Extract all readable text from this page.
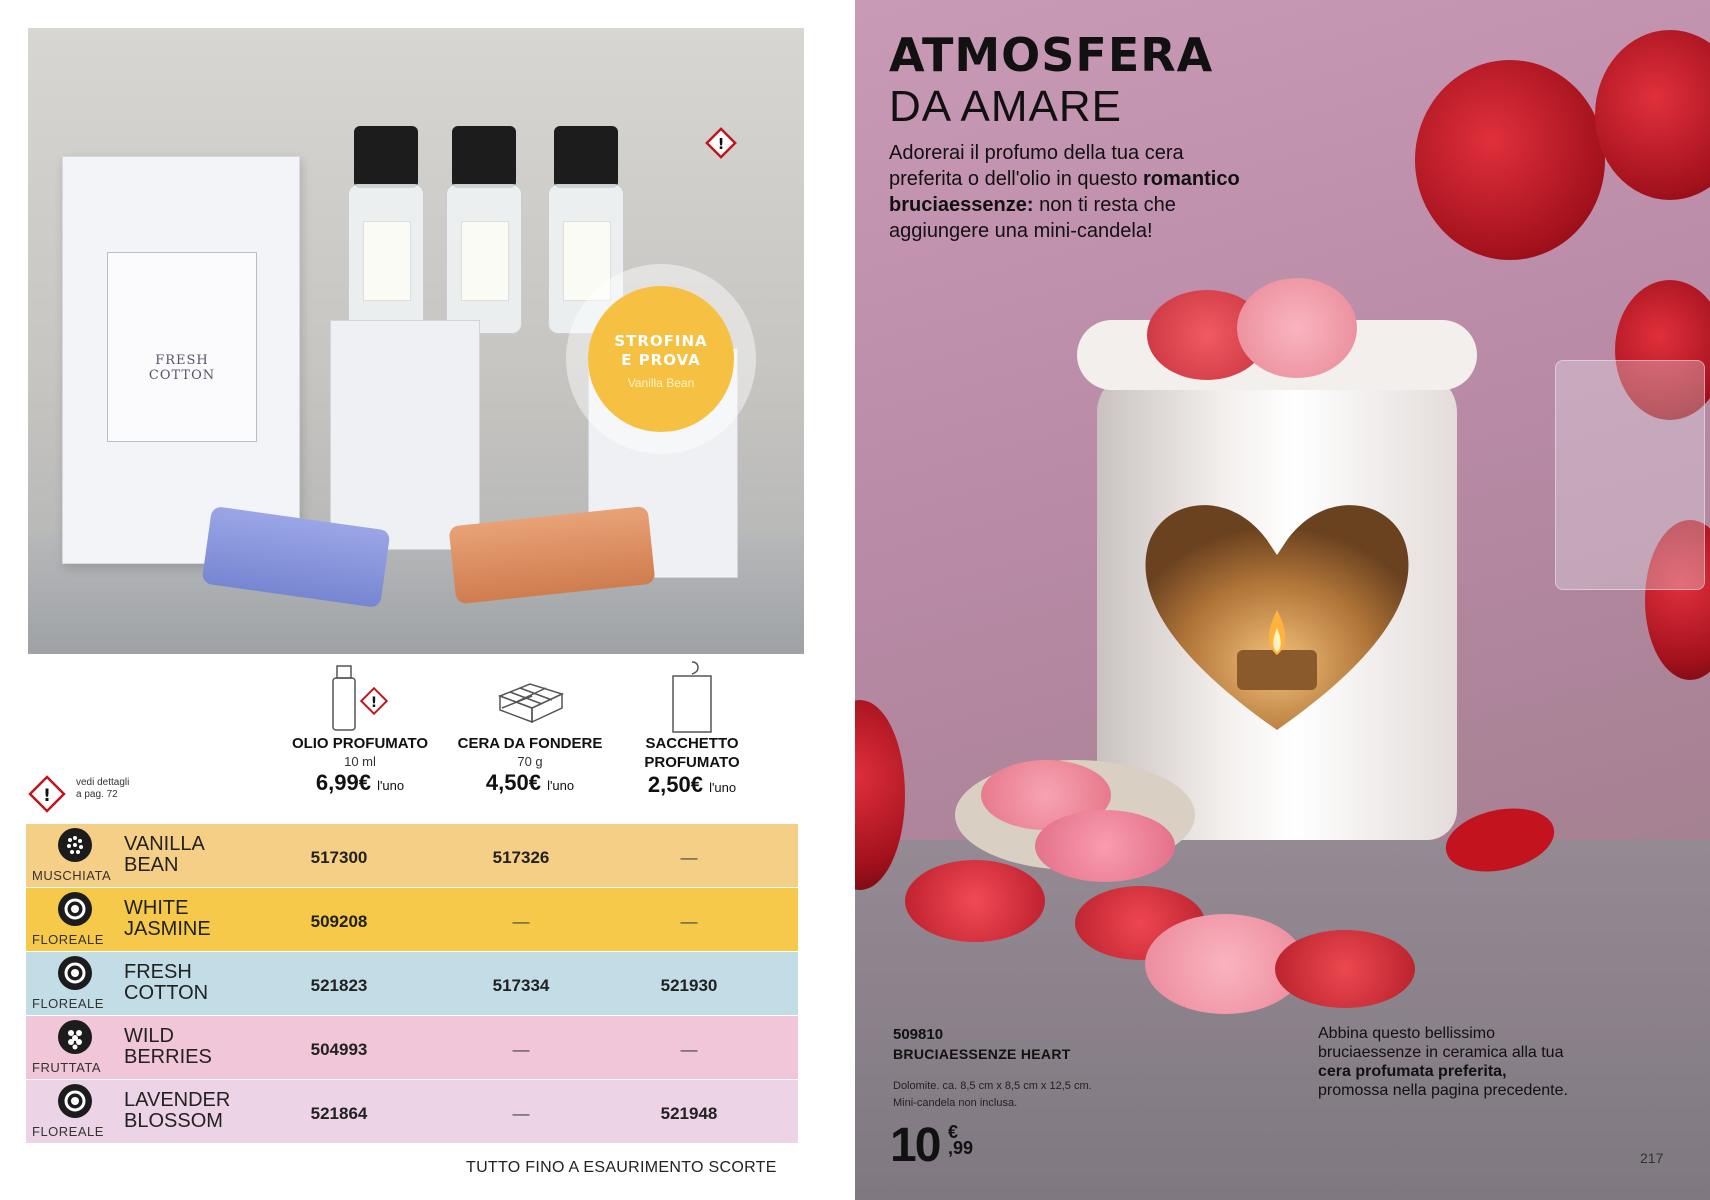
FRESH
COTTON
STROFINA
E PROVA
Vanilla Bean
!
!
OLIO PROFUMATO
10 ml
6,99€ l'uno
CERA DA FONDERE
70 g
4,50€ l'uno
SACCHETTO
PROFUMATO
2,50€ l'uno
!
vedi dettagli
a pag. 72
MUSCHIATA
VANILLA
BEAN	517300	517326	—
FLOREALE
WHITE
JASMINE	509208	—	—
FLOREALE
FRESH
COTTON	521823	517334	521930
FRUTTATA
WILD
BERRIES	504993	—	—
FLOREALE
LAVENDER
BLOSSOM	521864	—	521948
TUTTO FINO A ESAURIMENTO SCORTE
ATMOSFERA
DA AMARE
Adorerai il profumo della tua cera preferita o dell'olio in questo romantico bruciaessenze: non ti resta che aggiungere una mini-candela!
509810
BRUCIAESSENZE HEART
Dolomite. ca. 8,5 cm x 8,5 cm x 12,5 cm.
Mini-candela non inclusa.
10 €
,99
Abbina questo bellissimo bruciaessenze in ceramica alla tua cera profumata preferita, promossa nella pagina precedente.
217
